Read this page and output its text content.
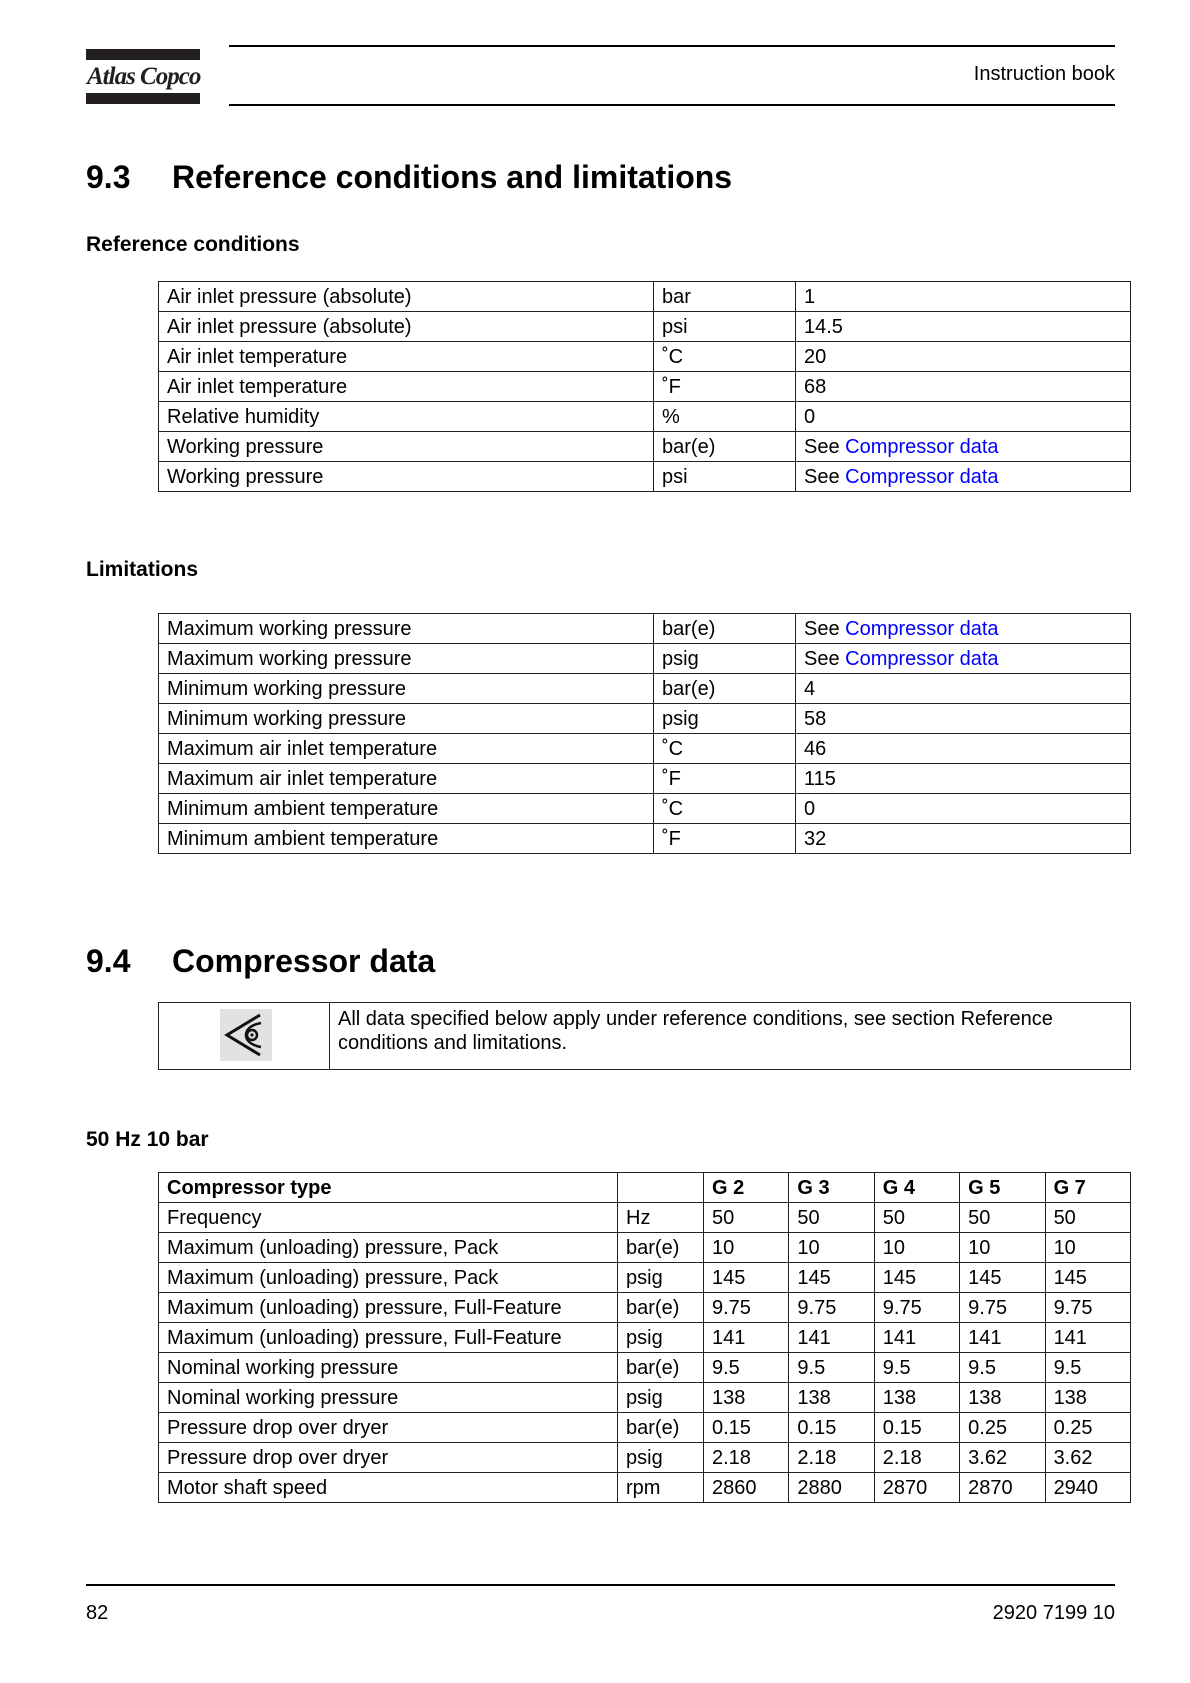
Atlas Copco	Instruction book
9.3 Reference conditions and limitations
Reference conditions
Air inlet pressure (absolute)	bar	1
Air inlet pressure (absolute)	psi	14.5
Air inlet temperature	˚C	20
Air inlet temperature	˚F	68
Relative humidity	%	0
Working pressure	bar(e)	See Compressor data
Working pressure	psi	See Compressor data
Limitations
Maximum working pressure	bar(e)	See Compressor data
Maximum working pressure	psig	See Compressor data
Minimum working pressure	bar(e)	4
Minimum working pressure	psig	58
Maximum air inlet temperature	˚C	46
Maximum air inlet temperature	˚F	115
Minimum ambient temperature	˚C	0
Minimum ambient temperature	˚F	32
9.4 Compressor data
All data specified below apply under reference conditions, see section Reference conditions and limitations.
50 Hz 10 bar
Compressor type		G 2	G 3	G 4	G 5	G 7
Frequency	Hz	50	50	50	50	50
Maximum (unloading) pressure, Pack	bar(e)	10	10	10	10	10
Maximum (unloading) pressure, Pack	psig	145	145	145	145	145
Maximum (unloading) pressure, Full-Feature	bar(e)	9.75	9.75	9.75	9.75	9.75
Maximum (unloading) pressure, Full-Feature	psig	141	141	141	141	141
Nominal working pressure	bar(e)	9.5	9.5	9.5	9.5	9.5
Nominal working pressure	psig	138	138	138	138	138
Pressure drop over dryer	bar(e)	0.15	0.15	0.15	0.25	0.25
Pressure drop over dryer	psig	2.18	2.18	2.18	3.62	3.62
Motor shaft speed	rpm	2860	2880	2870	2870	2940
82	2920 7199 10
